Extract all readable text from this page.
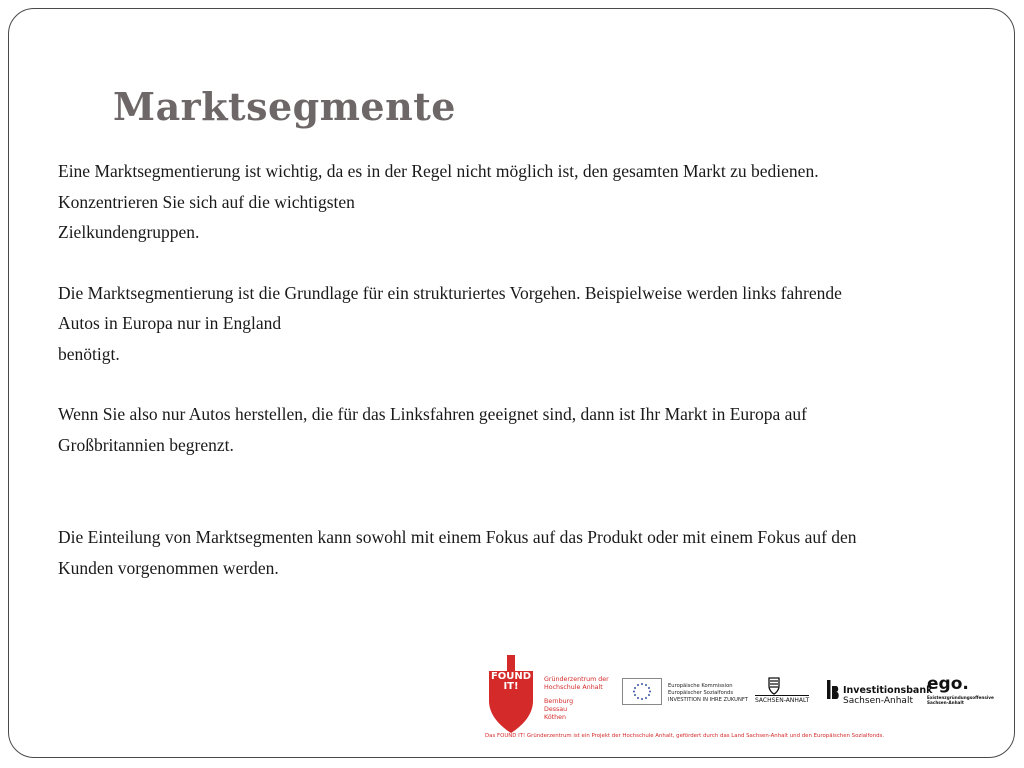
Marktsegmente

Eine Marktsegmentierung ist wichtig, da es in der Regel nicht möglich ist, den gesamten Markt zu bedienen.
Konzentrieren Sie sich auf die wichtigsten
Zielkundengruppen.

Die Marktsegmentierung ist die Grundlage für ein strukturiertes Vorgehen. Beispielweise werden links fahrende
Autos in Europa nur in England
benötigt.

Wenn Sie also nur Autos herstellen, die für das Linksfahren geeignet sind, dann ist Ihr Markt in Europa auf
Großbritannien begrenzt.

Die Einteilung von Marktsegmenten kann sowohl mit einem Fokus auf das Produkt oder mit einem Fokus auf den
Kunden vorgenommen werden.

FOUND
IT!
Gründerzentrum der
Hochschule Anhalt
Bernburg
Dessau
Köthen
Europäische Kommission
Europäischer Sozialfonds
INVESTITION IN IHRE ZUKUNFT SACHSEN-ANHALT
Investitionsbank
Sachsen-Anhalt
ego.
Existenzgründungsoffensive
Sachsen-Anhalt
Das FOUND IT! Gründerzentrum ist ein Projekt der Hochschule Anhalt, gefördert durch das Land Sachsen-Anhalt und den Europäischen Sozialfonds.
